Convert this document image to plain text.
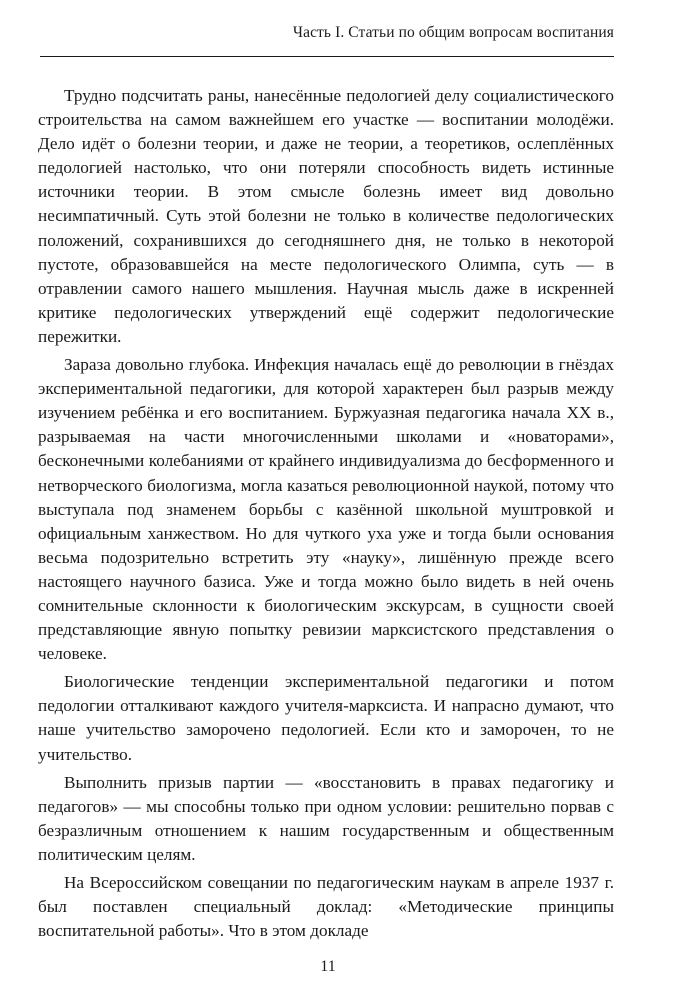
Часть I. Статьи по общим вопросам воспитания

Трудно подсчитать раны, нанесённые педологией делу социалистического строительства на самом важнейшем его участке — воспитании молодёжи. Дело идёт о болезни теории, и даже не теории, а теоретиков, ослеплённых педологией настолько, что они потеряли способность видеть истинные источники теории. В этом смысле болезнь имеет вид довольно несимпатичный. Суть этой болезни не только в количестве педологических положений, сохранившихся до сегодняшнего дня, не только в некоторой пустоте, образовавшейся на месте педологического Олимпа, суть — в отравлении самого нашего мышления. Научная мысль даже в искренней критике педологических утверждений ещё содержит педологические пережитки.

Зараза довольно глубока. Инфекция началась ещё до революции в гнёздах экспериментальной педагогики, для которой характерен был разрыв между изучением ребёнка и его воспитанием. Буржуазная педагогика начала XX в., разрываемая на части многочисленными школами и «новаторами», бесконечными колебаниями от крайнего индивидуализма до бесформенного и нетворческого биологизма, могла казаться революционной наукой, потому что выступала под знаменем борьбы с казённой школьной муштровкой и официальным ханжеством. Но для чуткого уха уже и тогда были основания весьма подозрительно встретить эту «науку», лишённую прежде всего настоящего научного базиса. Уже и тогда можно было видеть в ней очень сомнительные склонности к биологическим экскурсам, в сущности своей представляющие явную попытку ревизии марксистского представления о человеке.

Биологические тенденции экспериментальной педагогики и потом педологии отталкивают каждого учителя-марксиста. И напрасно думают, что наше учительство заморочено педологией. Если кто и заморочен, то не учительство.

Выполнить призыв партии — «восстановить в правах педагогику и педагогов» — мы способны только при одном условии: решительно порвав с безразличным отношением к нашим государственным и общественным политическим целям.

На Всероссийском совещании по педагогическим наукам в апреле 1937 г. был поставлен специальный доклад: «Методические принципы воспитательной работы». Что в этом докладе

11
